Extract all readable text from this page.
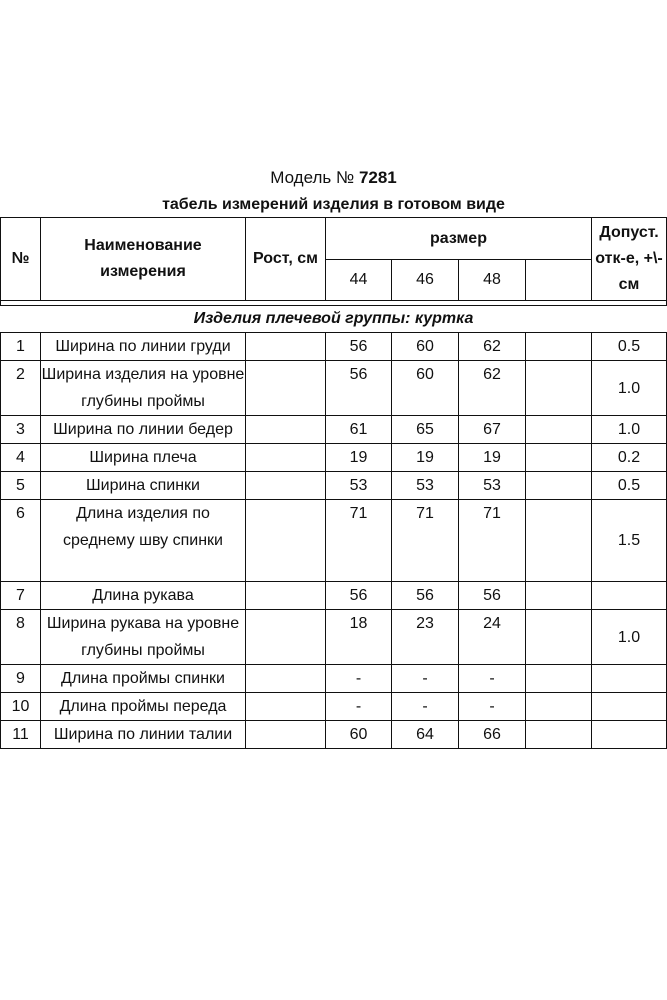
Модель № 7281
табель измерений изделия в готовом виде
№	Наименование измерения	Рост, см	размер				Допуст. отк-е, +\-см
			44	46	48		

Изделия плечевой группы: куртка							
1	Ширина по линии груди		56	60	62		0.5
2	Ширина изделия на уровне глубины проймы		56	60	62		1.0
3	Ширина по линии бедер		61	65	67		1.0
4	Ширина плеча		19	19	19		0.2
5	Ширина спинки		53	53	53		0.5
6	Длина изделия по среднему шву спинки		71	71	71		1.5
7	Длина рукава		56	56	56		
8	Ширина рукава на уровне глубины проймы		18	23	24		1.0
9	Длина проймы спинки		-	-	-		
10	Длина проймы переда		-	-	-		
11	Ширина по линии талии		60	64	66		
